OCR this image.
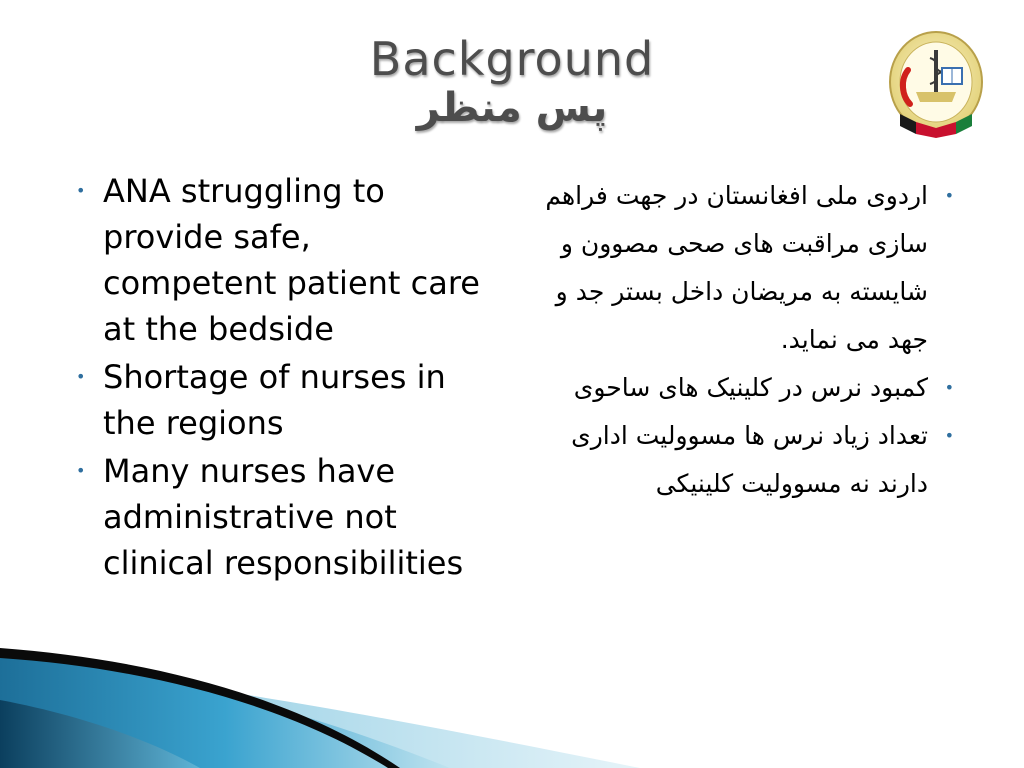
Background
پس منظر
• ANA struggling to provide safe, competent patient care at the bedside
• Shortage of nurses in the regions
• Many nurses have administrative not clinical responsibilities
•
اردوی ملی افغانستان در جهت فراهم سازی مراقبت های صحی مصوون و شایسته به مریضان داخل بستر جد و جهد می نماید.
•
کمبود نرس در کلینیک های ساحوی
•
تعداد زیاد نرس ها مسوولیت اداری دارند نه مسوولیت کلینیکی
